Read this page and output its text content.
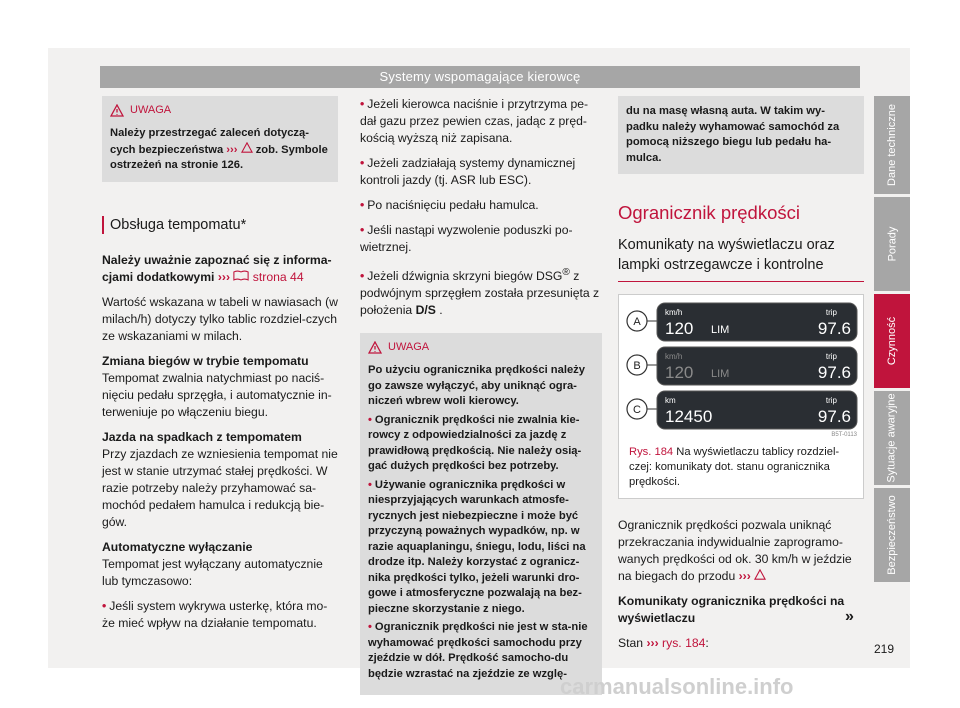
Systemy wspomagające kierowcę
UWAGA
Należy przestrzegać zaleceń dotyczą-cych bezpieczeństwa ››› zob. Symbole ostrzeżeń na stronie 126.
Obsługa tempomatu*

Należy uważnie zapoznać się z informa-cjami dodatkowymi ››› strona 44

Wartość wskazana w tabeli w nawiasach (w milach/h) dotyczy tylko tablic rozdziel-czych ze wskazaniami w milach.

Zmiana biegów w trybie tempomatu

Tempomat zwalnia natychmiast po naciś-nięciu pedału sprzęgła, i automatycznie in-terweniuje po włączeniu biegu.

Jazda na spadkach z tempomatem

Przy zjazdach ze wzniesienia tempomat nie jest w stanie utrzymać stałej prędkości. W razie potrzeby należy przyhamować sa-mochód pedałem hamulca i redukcją bie-gów.

Automatyczne wyłączanie

Tempomat jest wyłączany automatycznie lub tymczasowo:

• Jeśli system wykrywa usterkę, która mo-że mieć wpływ na działanie tempomatu.

• Jeżeli kierowca naciśnie i przytrzyma pe-dał gazu przez pewien czas, jadąc z pręd-kością wyższą niż zapisana.

• Jeżeli zadziałają systemy dynamicznej kontroli jazdy (tj. ASR lub ESC).

• Po naciśnięciu pedału hamulca.

• Jeśli nastąpi wyzwolenie poduszki po-wietrznej.

• Jeżeli dźwignia skrzyni biegów DSG® z podwójnym sprzęgłem została przesunięta z położenia D/S .

UWAGA

Po użyciu ogranicznika prędkości należy go zawsze wyłączyć, aby uniknąć ogra-niczeń wbrew woli kierowcy.

• Ogranicznik prędkości nie zwalnia kie-rowcy z odpowiedzialności za jazdę z prawidłową prędkością. Nie należy osią-gać dużych prędkości bez potrzeby.

• Używanie ogranicznika prędkości w niesprzyjających warunkach atmosfe-rycznych jest niebezpieczne i może być przyczyną poważnych wypadków, np. w razie aquaplaningu, śniegu, lodu, liści na drodze itp. Należy korzystać z ogranicz-nika prędkości tylko, jeżeli warunki dro-gowe i atmosferyczne pozwalają na bez-pieczne skorzystanie z niego.

• Ogranicznik prędkości nie jest w sta-nie wyhamować prędkości samochodu przy zjeździe w dół. Prędkość samocho-du będzie wzrastać na zjeździe ze wzglę-

du na masę własną auta. W takim wy-padku należy wyhamować samochód za pomocą niższego biegu lub pedału ha-mulca.
Ogranicznik prędkości
Komunikaty na wyświetlaczu oraz lampki ostrzegawcze i kontrolne
A
km/h
120 LIM
trip
97.6
B
km/h
120 LIM
trip
97.6
C
km
12450
trip
97.6
B5T-0113
Rys. 184 Na wyświetlaczu tablicy rozdziel-czej: komunikaty dot. stanu ogranicznika prędkości.

Ogranicznik prędkości pozwala uniknąć przekraczania indywidualnie zaprogramo-wanych prędkości od ok. 30 km/h w jeździe na biegach do przodu ›››

Komunikaty ogranicznika prędkości na wyświetlaczu

Stan ››› rys. 184:

»
Dane techniczne
Porady
Czynność
Sytuacje awaryjne
Bezpieczeństwo
219
carmanualsonline.info
